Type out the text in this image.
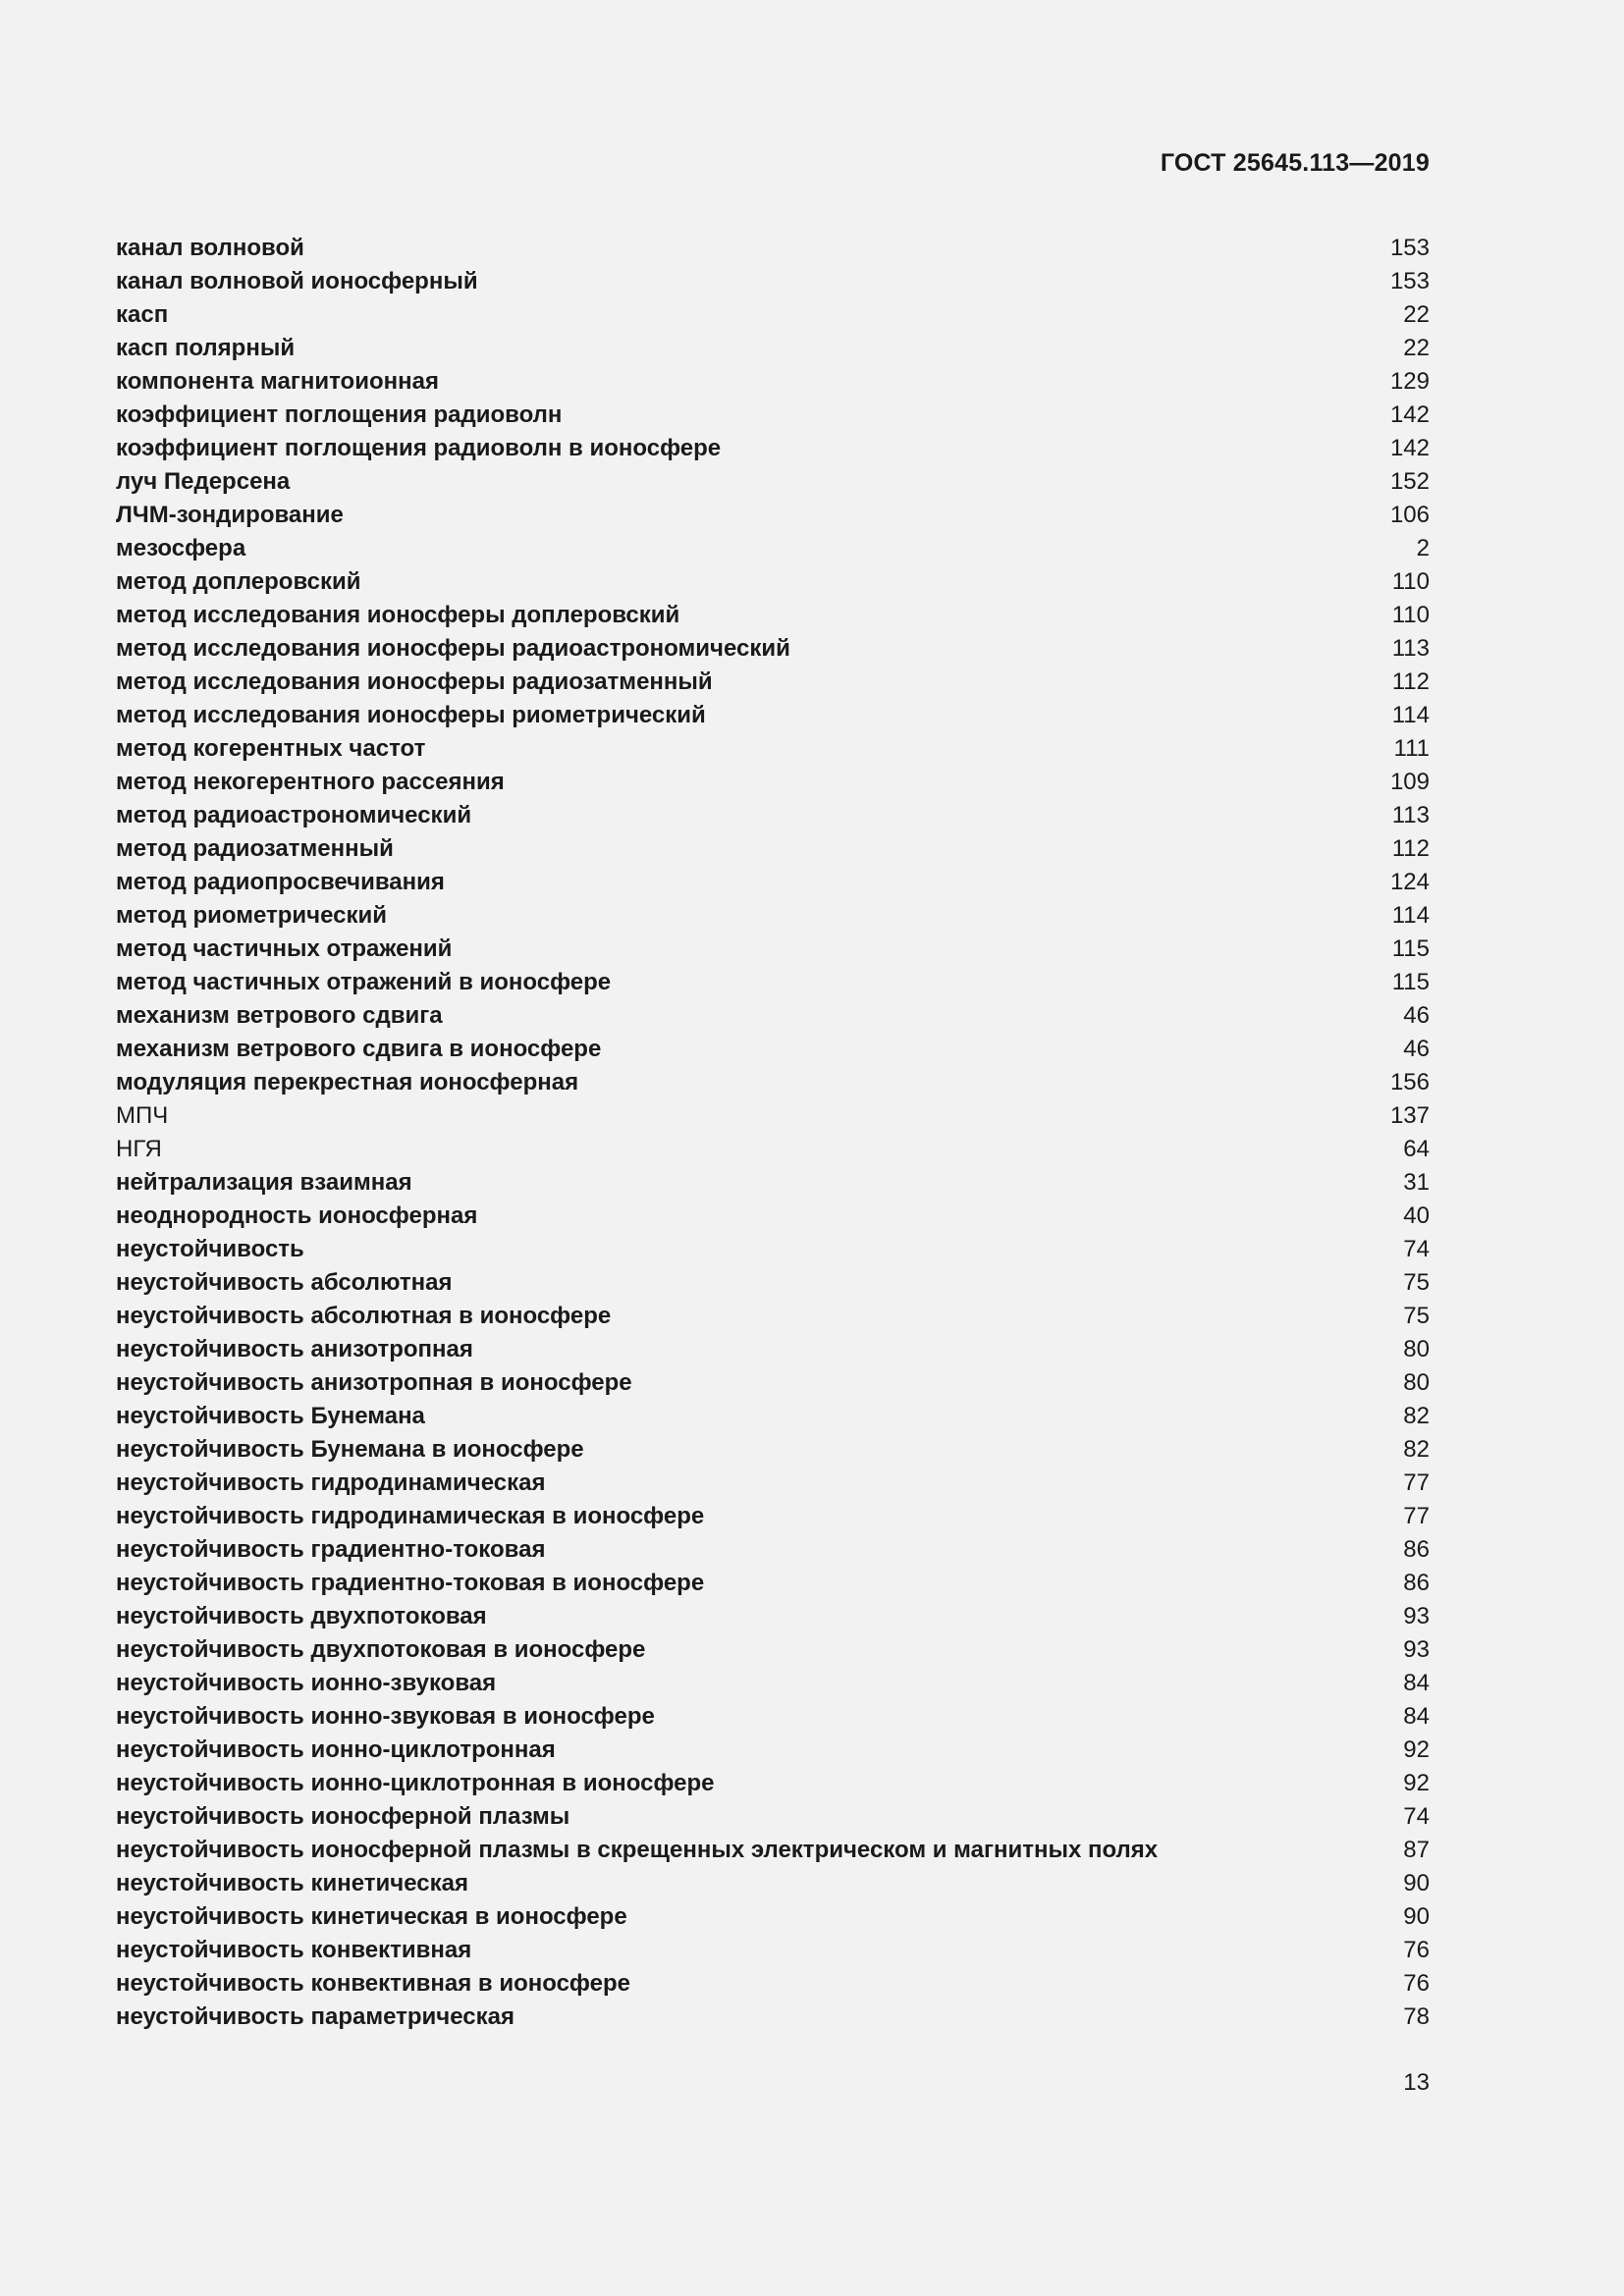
ГОСТ 25645.113—2019
канал волновой	153
канал волновой ионосферный	153
касп	22
касп полярный	22
компонента магнитоионная	129
коэффициент поглощения радиоволн	142
коэффициент поглощения радиоволн в ионосфере	142
луч Педерсена	152
ЛЧМ-зондирование	106
мезосфера	2
метод доплеровский	110
метод исследования ионосферы доплеровский	110
метод исследования ионосферы радиоастрономический	113
метод исследования ионосферы радиозатменный	112
метод исследования ионосферы риометрический	114
метод когерентных частот	111
метод некогерентного рассеяния	109
метод радиоастрономический	113
метод радиозатменный	112
метод радиопросвечивания	124
метод риометрический	114
метод частичных отражений	115
метод частичных отражений в ионосфере	115
механизм ветрового сдвига	46
механизм ветрового сдвига в ионосфере	46
модуляция перекрестная ионосферная	156
МПЧ	137
НГЯ	64
нейтрализация взаимная	31
неоднородность ионосферная	40
неустойчивость	74
неустойчивость абсолютная	75
неустойчивость абсолютная в ионосфере	75
неустойчивость анизотропная	80
неустойчивость анизотропная в ионосфере	80
неустойчивость Бунемана	82
неустойчивость Бунемана в ионосфере	82
неустойчивость гидродинамическая	77
неустойчивость гидродинамическая в ионосфере	77
неустойчивость градиентно-токовая	86
неустойчивость градиентно-токовая в ионосфере	86
неустойчивость двухпотоковая	93
неустойчивость двухпотоковая в ионосфере	93
неустойчивость ионно-звуковая	84
неустойчивость ионно-звуковая в ионосфере	84
неустойчивость ионно-циклотронная	92
неустойчивость ионно-циклотронная в ионосфере	92
неустойчивость ионосферной плазмы	74
неустойчивость ионосферной плазмы в скрещенных электрическом и магнитных полях	87
неустойчивость кинетическая	90
неустойчивость кинетическая в ионосфере	90
неустойчивость конвективная	76
неустойчивость конвективная в ионосфере	76
неустойчивость параметрическая	78
13
